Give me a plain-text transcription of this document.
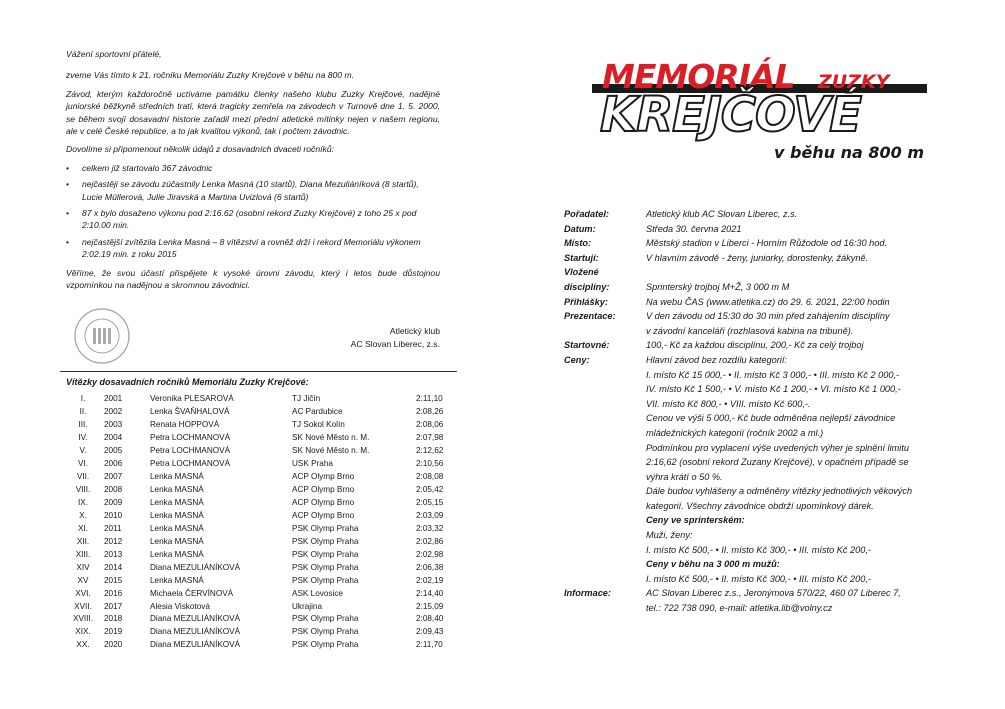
Vážení sportovní přátelé,

zveme Vás tímto k 21. ročníku Memoriálu Zuzky Krejčové v běhu na 800 m.

Závod, kterým každoročně uctíváme památku členky našeho klubu Zuzky Krejčové, nadějné juniorské běžkyně středních tratí, která tragicky zemřela na závodech v Turnově dne 1. 5. 2000, se během svojí dosavadní historie zařadil mezi přední atletické mítinky nejen v našem regionu, ale v celé České republice, a to jak kvalitou výkonů, tak i počtem závodnic.

Dovolíme si připomenout několik údajů z dosavadních dvaceti ročníků:

• celkem již startovalo 367 závodnic
• nejčastěji se závodu zúčastnily Lenka Masná (10 startů), Diana Mezuliáníková (8 startů), Lucie Müllerová, Julie Jiravská a Martina Uvizlová (6 startů)
• 87 x bylo dosaženo výkonu pod 2:16.62 (osobní rekord Zuzky Krejčové) z toho 25 x pod 2:10.00 min.
• nejčastější zvítězila Lenka Masná – 8 vítězství a rovněž drží i rekord Memoriálu výkonem 2:02.19 min. z roku 2015

Věříme, že svou účastí přispějete k vysoké úrovni závodu, který i letos bude důstojnou vzpomínkou na nadějnou a skromnou závodnici.

Atletický klub
AC Slovan Liberec, z.s.
Vítězky dosavadních ročníků Memoriálu Zuzky Krejčové:
I.	2001	Veronika PLESAROVÁ	TJ Jičín	2:11,10
II.	2002	Lenka ŠVAŇHALOVÁ	AC Pardubice	2:08,26
III.	2003	Renata HOPPOVÁ	TJ Sokol Kolín	2:08,06
IV.	2004	Petra LOCHMANOVÁ	SK Nové Město n. M.	2:07,98
V.	2005	Petra LOCHMANOVÁ	SK Nové Město n. M.	2:12,62
VI.	2006	Petra LOCHMANOVÁ	USK Praha	2:10,56
VII.	2007	Lenka MASNÁ	ACP Olymp Brno	2:08,08
VIII.	2008	Lenka MASNÁ	ACP Olymp Brno	2:05,42
IX.	2009	Lenka MASNÁ	ACP Olymp Brno	2:05,15
X.	2010	Lenka MASNÁ	ACP Olymp Brno	2:03,09
XI.	2011	Lenka MASNÁ	PSK Olymp Praha	2:03,32
XII.	2012	Lenka MASNÁ	PSK Olymp Praha	2:02,86
XIII.	2013	Lenka MASNÁ	PSK Olymp Praha	2:02,98
XIV	2014	Diana MEZULIÁNÍKOVÁ	PSK Olymp Praha	2:06,38
XV	2015	Lenka MASNÁ	PSK Olymp Praha	2:02,19
XVI.	2016	Michaela ČERVÍNOVÁ	ASK Lovosice	2:14,40
XVII.	2017	Alesia Viskotová	Ukrajina	2:15,09
XVIII.	2018	Diana MEZULIÁNÍKOVÁ	PSK Olymp Praha	2:08,40
XIX.	2019	Diana MEZULIÁNÍKOVÁ	PSK Olymp Praha	2:09,43
XX.	2020	Diana MEZULIÁNÍKOVÁ	PSK Olymp Praha	2:11,70
MEMORIÁL ZUZKY
KREJČOVÉ
v běhu na 800 m
Pořadatel:	Atletický klub AC Slovan Liberec, z.s.
Datum:	Středa 30. června 2021
Místo:	Městský stadion v Liberci - Horním Růžodole od 16:30 hod.
Startují:	V hlavním závodě - ženy, juniorky, dorostenky, žákyně.
Vložené
disciplíny:
	Sprinterský trojboj M+Ž, 3 000 m M
Přihlášky:	Na webu ČAS (www.atletika.cz) do 29. 6. 2021, 22:00 hodin
Prezentace:	V den závodu od 15:30 do 30 min před zahájením disciplíny
v závodní kanceláři (rozhlasová kabina na tribuně).
Startovné:	100,- Kč za každou disciplínu, 200,- Kč za celý trojboj
Ceny:	Hlavní závod bez rozdílu kategorií:
I. místo Kč 15 000,- • II. místo Kč 3 000,- • III. místo Kč 2 000,-
IV. místo Kč 1 500,- • V. místo Kč 1 200,- • VI. místo Kč 1 000,-
VII. místo Kč 800,- • VIII. místo Kč 600,-.
Cenou ve výši 5 000,- Kč bude odměněna nejlepší závodnice
mládežnických kategorií (ročník 2002 a ml.)
Podmínkou pro vyplacení výše uvedených výher je splnění limitu
2:16,62 (osobní rekord Zuzany Krejčové), v opačném případě se
výhra krátí o 50 %.
Dále budou vyhlášeny a odměněny vítězky jednotlivých věkových
kategorií. Všechny závodnice obdrží upomínkový dárek.
Ceny ve sprinterském:
Muži, ženy:
I. místo Kč 500,- • II. místo Kč 300,- • III. místo Kč 200,-
Ceny v běhu na 3 000 m mužů:
I. místo Kč 500,- • II. místo Kč 300,- • III. místo Kč 200,-
Informace:	AC Slovan Liberec z.s., Jeronýmova 570/22, 460 07 Liberec 7,
tel.: 722 738 090, e-mail: atletika.lib@volny.cz
